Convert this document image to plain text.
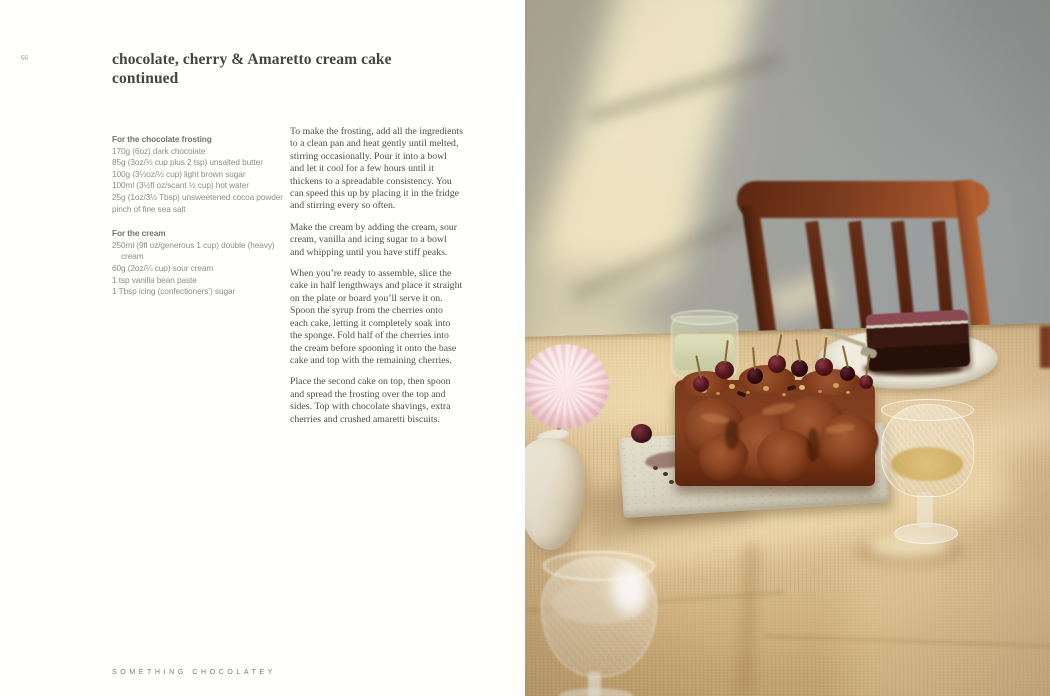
66	chocolate, cherry & Amaretto cream cake
continued
For the chocolate frosting
170g (6oz) dark chocolate
85g (3oz/⅓ cup plus 2 tsp) unsalted butter
100g (3½oz/½ cup) light brown sugar
100ml (3½fl oz/scant ½ cup) hot water
25g (1oz/3½ Tbsp) unsweetened cocoa powder
pinch of fine sea salt
For the cream
250ml (9fl oz/generous 1 cup) double (heavy) cream
60g (2oz/¼ cup) sour cream
1 tsp vanilla bean paste
1 Tbsp icing (confectioners’) sugar

To make the frosting, add all the ingredients to a clean pan and heat gently until melted, stirring occasionally. Pour it into a bowl and let it cool for a few hours until it thickens to a spreadable consistency. You can speed this up by placing it in the fridge and stirring every so often.

Make the cream by adding the cream, sour cream, vanilla and icing sugar to a bowl and whipping until you have stiff peaks.

When you’re ready to assemble, slice the cake in half lengthways and place it straight on the plate or board you’ll serve it on. Spoon the syrup from the cherries onto each cake, letting it completely soak into the sponge. Fold half of the cherries into the cream before spooning it onto the base cake and top with the remaining cherries.

Place the second cake on top, then spoon and spread the frosting over the top and sides. Top with chocolate shavings, extra cherries and crushed amaretti biscuits.

SOMETHING CHOCOLATEY
